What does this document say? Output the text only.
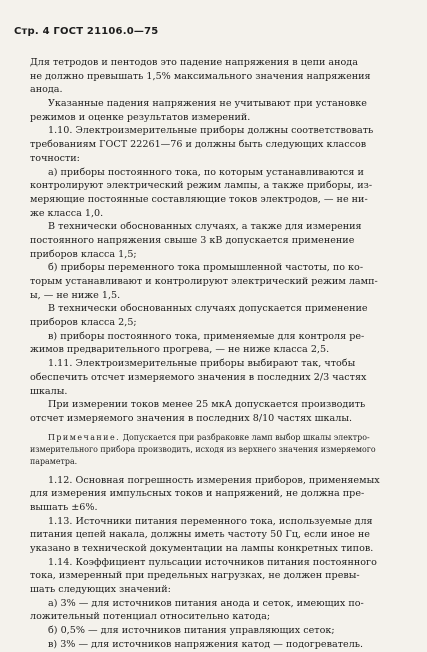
Стр. 4 ГОСТ 21106.0—75
Для тетродов и пентодов это падение напряжения в цепи анода
не должно превышать 1,5% максимального значения напряжения
анода.
Указанные падения напряжения не учитывают при установке
режимов и оценке результатов измерений.
1.10. Электроизмерительные приборы должны соответствовать
требованиям ГОСТ 22261—76 и должны быть следующих классов
точности:
а) приборы постоянного тока, по которым устанавливаются и
контролируют электрический режим лампы, а также приборы, из-
меряющие постоянные составляющие токов электродов, — не ни-
же класса 1,0.
В технически обоснованных случаях, а также для измерения
постоянного напряжения свыше 3 кВ допускается применение
приборов класса 1,5;
б) приборы переменного тока промышленной частоты, по ко-
торым устанавливают и контролируют электрический режим ламп-
ы, — не ниже 1,5.
В технически обоснованных случаях допускается применение
приборов класса 2,5;
в) приборы постоянного тока, применяемые для контроля ре-
жимов предварительного прогрева, — не ниже класса 2,5.
1.11. Электроизмерительные приборы выбирают так, чтобы
обеспечить отсчет измеряемого значения в последних 2/3 частях
шкалы.
При измерении токов менее 25 мкА допускается производить
отсчет измеряемого значения в последних 8/10 частях шкалы.
Примечание. Допускается при разбраковке ламп выбор шкалы электро-
измерительного прибора производить, исходя из верхнего значения измеряемого
параметра.
1.12. Основная погрешность измерения приборов, применяемых
для измерения импульсных токов и напряжений, не должна пре-
вышать ±6%.
1.13. Источники питания переменного тока, используемые для
питания цепей накала, должны иметь частоту 50 Гц, если иное не
указано в технической документации на лампы конкретных типов.
1.14. Коэффициент пульсации источников питания постоянного
тока, измеренный при предельных нагрузках, не должен превы-
шать следующих значений:
а) 3% — для источников питания анода и сеток, имеющих по-
ложительный потенциал относительно катода;
б) 0,5% — для источников питания управляющих сеток;
в) 3% — для источников напряжения катод — подогреватель.
